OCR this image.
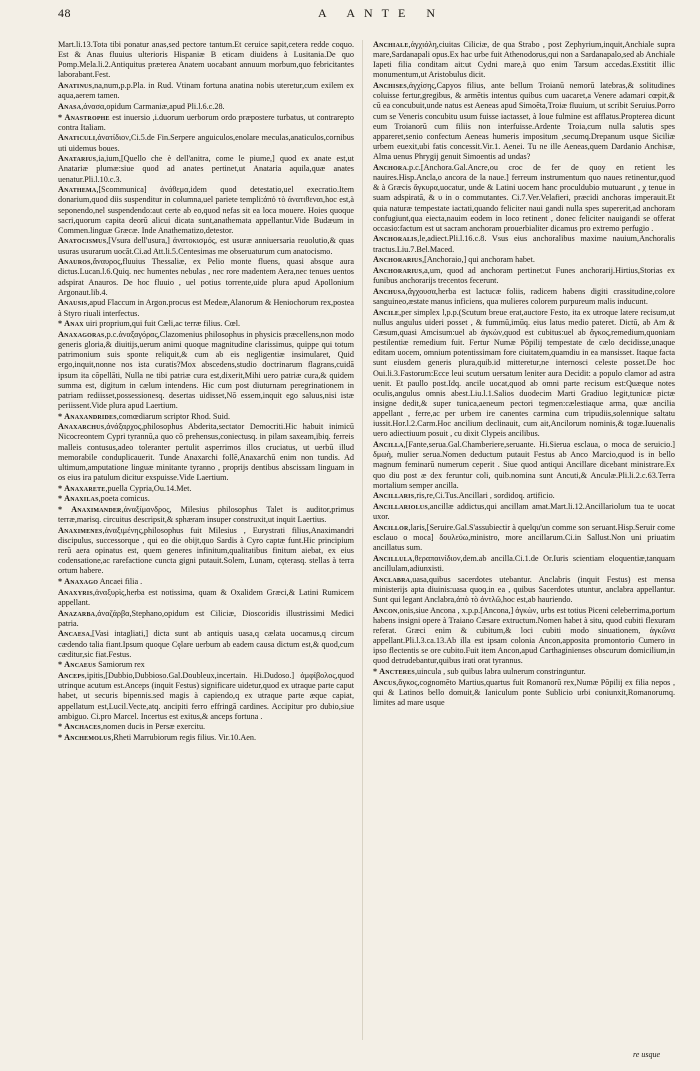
48	A ANTE N
Mart.li.13.Tota tibi ponatur anas,sed pectore tantum.Et ceruice sapit,cetera redde coquo. Est & Anas fluuius ulterioris Hispaniæ B eticam diuidens à Lusitania.De quo Pomp.Mela.li.2.Antiquitus præterea Anatem uocabant annuum morbum,quo febricitantes laborabant.Fest.
Anatinus,na,num,p.p.Pla. in Rud. Vtinam fortuna anatina nobis uteretur,cum exilem ex aqua,aerem tamen.
Anasa,ἀνασα,opidum Carmaniæ,apud Pli.l.6.c.28.
* Anastrophe est inuersio ,i.duorum uerborum ordo præpostere turbatus, ut contrarepto contra Italiam.
Anaticuli,ἀνατίδιον,Ci.5.de Fin.Serpere anguiculos,enolare meculas,anaticulos,cornibus uti uidemus boues.
Anatarius,ia,ium,[Quello che è dell'anitra, come le piume,] quod ex anate est,ut Anatariæ plumæ:siue quod ad anates pertinet,ut Anataria aquila,quæ anates uenatur.Pli.l.10.c.3.
Anathema,[Scommunica] ἀνάθεμα,idem quod detestatio,uel execratio.Item donarium,quod diis suspenditur in columna,uel pariete templi:ἀπό τὸ ἀνατιθεναι,hoc est,à seponendo,nel suspendendo:aut certe ab eo,quod nefas sit ea loca mouere. Hoies quoque sacri,quorum capita deorū alicui dicata sunt,anathemata appellantur.Vide Budæum in Commen.linguæ Græcæ. Inde Anathematizo,detestor.
Anatocismus,[Vsura dell'usura,] ἀνατοκισμός, est usuræ anniuersaria reuolutio,& quas usuras usurarum uocāt.Ci.ad Att.li.5.Centesimas me obseruaturum cum anatocismo.
Anauros,ἄναυρος,fluuius Thessaliæ, ex Pelio monte fluens, quasi absque aura dictus.Lucan.l.6.Quiq. nec humentes nebulas , nec rore madentem Aera,nec tenues uentos adspirat Anauros. De hoc fluuio , uel potius torrente,uide plura apud Apollonium Argonaut.lib.4.
Anausis,apud Flaccum in Argon.procus est Medeæ,Alanorum & Heniochorum rex,postea à Styro riuali interfectus.
* Anax uiri proprium,qui fuit Cæli,ac terræ filius. Cœl.
Anaxagoras,p.c.ἀναξαγόρας,Clazomenius philosophus in physicis præcellens,non modo generis gloria,& diuitijs,uerum animi quoque magnitudine clarissimus, quippe qui totum patrimonium suis sponte reliquit,& cum ab eis negligentiæ insimularet, Quid ergo,inquit,nonne nos ista curatis?Mox abscedens,studio doctrinarum flagrans,cuidā ipsum ita cōpellāti, Nulla ne tibi patriæ cura est,dixerit,Mihi uero patriæ cura,& quidem summa est, digitum in cælum intendens. Hic cum post diuturnam peregrinationem in patriam rediisset,possessionesq. desertas uidisset,Nō essem,inquit ego saluus,nisi istæ periissent.Vide plura apud Laertium.
* Anaxandrides,comœdiarum scriptor Rhod. Suid.
Anaxarchus,ἀνάξαρχος,philosophus Abderita,sectator Democriti.Hic habuit inimicū Nicocreontem Cypri tyrannū,a quo cō prehensus,coniectusq. in pilam saxeam,ibiq. ferreis malleis contusus,adeo toleranter pertulit asperrimos illos cruciatus, ut uerbū illud memorabile conduplicauerit. Tunde Anaxarchi follē,Anaxarchū enim non tundis. Ad ultimum,amputatione linguæ minitante tyranno , proprijs dentibus abscissam linguam in os eius ira patulum dicitur exspuisse.Vide Laertium.
* Anaxarete,puella Cypria,Ou.14.Met.
* Anaxilas,poeta comicus.
* Anaximander,ἀναξίμανδρος, Milesius philosophus Talet is auditor,primus terræ,marisq. circuitus descripsit,& sphæram insuper construxit,ut inquit Laertius.
Anaximenes,ἀναξιμένης,philosophus fuit Milesius , Eurystrati filius,Anaximandri discipulus, successorque , qui eo die obijt,quo Sardis à Cyro captæ funt.Hic principium rerū aera opinatus est, quem generes infinitum,qualitatibus finitum aiebat, ex eius codensatione,ac rarefactione cuncta gigni putauit.Solem, Lunam, cęterasq. stellas à terra ortum habere.
* Anaxago Ancaei filia .
Anaxyris,ἀναξυρὶς,herba est notissima, quam & Oxalidem Græci,& Latini Rumicem appellant.
Anazarba,ἀναζάρβα,Stephano,opidum est Ciliciæ, Dioscoridis illustrissimi Medici patria.
Ancaesa,[Vasi intagliati,] dicta sunt ab antiquis uasa,q cælata uocamus,q circum cædendo talia fiant.Ipsum quoque Cęlare uerbum ab eadem causa dictum est,& quod,cum cæditur,sic fiat.Festus.
* Ancaeus Samiorum rex
Anceps,ipitis,[Dubbio,Dubbioso.Gal.Doubleux,incertain. Hi.Dudoso.] ἀμφίβολος,quod utrinque acutum est.Anceps (inquit Festus) significare uidetur,quod ex utraque parte caput habet, ut securis bipennis.sed magis à capiendo,q ex utraque parte æque capiat, appellatum est,Lucil.Vecte,atq. ancipiti ferro effringā cardines. Accipitur pro dubio,siue ambiguo. Ci.pro Marcel. Incertus est exitus,& anceps fortuna .
* Anchaces,nomen ducis in Persæ exercitu.
* Anchemolus,Rheti Marrubiorum regis filius. Vir.10.Aen.
Anchiale,ἀγχιάλη,ciuitas Ciliciæ, de qua Strabo , post Zephyrium,inquit,Anchiale supra mare,Sardanapali opus.Ex hac urbe fuit Athenodorus,qui non a Sardanapalo,sed ab Anchiale Iapeti filia conditam ait:ut Cydni mare,à quo enim Tarsum accedas.Exstitit illic monumentum,ut Aristobulus dicit.
Anchises,ἀγχίσης,Capyos filius, ante bellum Troianū nemorū latebras,& solitudines coluisse fertur,gregibus, & armētis intentus quibus cum uacaret,a Venere adamari cœpit,& cū ea concubuit,unde natus est Aeneas apud Simoēta,Troiæ fluuium, ut scribit Seruius.Porro cum se Veneris concubitu usum fuisse iactasset, à Ioue fulmine est afflatus.Propterea dicunt eum Troianorū cum filiis non interfuisse.Ardente Troia,cum nulla salutis spes appareret,senio confectum Aeneas humeris impositum ,secumq.Drepanum usque Siciliæ urbem euexit,ubi fatis concessit.Vir.1. Aenei. Tu ne ille Aeneas,quem Dardanio Anchisæ, Alma uenus Phrygij genuit Simoentis ad undas?
Anchora.p.c.[Anchora.Gal.Ancre,ou croc de fer de quoy en retient les nauires.Hisp.Ancla,o ancora de la naue.] ferreum instrumentum quo naues retinentur,quod & à Græcis ἄγκυρα,uocatur, unde & Latini uocem hanc proculdubio mutuarunt , χ tenue in suam adspiratā, & υ in o commutantes. Ci.7.Ver.Velafieri, præcidi anchoras imperauit.Et quia naturæ tempestate iactati,quando feliciter naui gandi nulla spes supererit,ad anchoram confugiunt,qua eiecta,nauim eodem in loco retinent , donec feliciter nauigandi se offerat occasio:factum est ut sacram anchoram prouerbialiter dicamus pro extremo perfugio .
Anchoralis,le,adiect.Pli.l.16.c.8. Vsus eius anchoralibus maxime nauium,Anchoralis tractus.Liu.7.Bel.Maced.
Anchorarius,[Anchoraio,] qui anchoram habet.
Anchorarius,a,um, quod ad anchoram pertinet:ut Funes anchorarij.Hirtius,Storias ex funibus anchorarijs trecentos fecerunt.
Anchusa,ἄγχουσα,herba est lactucæ foliis, radicem habens digiti crassitudine,colore sanguineo,æstate manus inficiens, qua mulieres colorem purpureum malis inducunt.
Ancile,per simplex l,p.p.(Scutum breue erat,auctore Festo, ita ex utroque latere recisum,ut nullus angulus uideri posset , & fummū,imūq. eius latus medio pateret. Dictū, ab Am & Cæsum,quasi Amcisum:uel ab ἀγκὼν,quod est cubitus:uel ab ἄγκος,remedium,quoniam pestilentiæ remedium fuit. Fertur Numæ Pōpilij tempestate de cælo decidisse,unaque editam uocem, omnium potentissimam fore ciuitatem,quamdiu in ea mansisset. Itaque facta sunt eiusdem generis plura,quib.id mitteretur,ne internosci celeste posset.De hoc Oui.li.3.Fastorum:Ecce leui scutum uersatum leniter aura Decidit: a populo clamor ad astra uenit. Et paullo post.Idq. ancile uocat,quod ab omni parte recisum est:Quæque notes oculis,angulus omnis abest.Liu.l.1.Salios duodecim Marti Gradiuo legit,tunicæ pictæ insigne dedit,& super tunica,aeneum pectori tegmen:cælestiaque arma, quæ ancilia appellant , ferre,ac per urbem ire canentes carmina cum tripudiis,solennique saltatu iussit.Hor.l.2.Carm.Hoc ancilium declinauit, cum ait,Ancilorum nominis,& togæ.Iuuenalis uero adiectiuum posuit , cu dixit Clypeis ancilibus.
Ancilla,[Fante,serua.Gal.Chamberiere,seruante. Hi.Sierua esclaua, o moca de seruicio.] δμωὴ, mulier serua.Nomen deductum putauit Festus ab Anco Marcio,quod is in bello magnum feminarū numerum ceperit . Siue quod antiqui Ancillare dicebant ministrare.Ex quo diu post æ dex feruntur coli, quib.nomina sunt Ancuti,& Anculæ.Pli.li.2.c.63.Terra mortalium semper ancilla.
Ancillaris,ris,re,Ci.Tus.Ancillari , sordidoq. artificio.
Ancillariolus,ancillæ addictus,qui ancillam amat.Mart.li.12.Ancillariolum tua te uocat uxor.
Ancillor,laris,[Seruire.Gal.S'assubiectir à quelqu'un comme son seruant.Hisp.Seruir come esclauo o moca] δουλεύω,ministro, more ancillarum.Ci.in Sallust.Non uni priuatim ancillatus sum.
Ancillula,θεραπαινίδιον,dem.ab ancilla.Ci.1.de Or.Iuris scientiam eloquentiæ,tanquam ancillulam,adiunxisti.
Anclabra,uasa,quibus sacerdotes utebantur. Anclabris (inquit Festus) est mensa ministerijs apta diuinis:uasa quoq.in ea , quibus Sacerdotes utuntur, anclabra appellantur. Sunt qui legant Anclabra,ἀπὸ τὸ ἀντλῶ,hoc est,ab hauriendo.
Ancon,onis,siue Ancona , x.p.p.[Ancona,] ἀγκὼν, urbs est totius Piceni celeberrima,portum habens insigni opere à Traiano Cæsare extructum.Nomen habet à situ, quod cubiti flexuram referat. Græci enim & cubitum,& loci cubiti modo sinuationem, ἀγκῶνα appellant.Pli.l.3.ca.13.Ab illa est ipsam colonia Ancon,apposita promontorio Cumero in ipso flectentis se ore cubito.Fuit item Ancon,apud Carthaginienses obscurum domicilium,in quod detrudebantur,quibus irati orat tyrannus.
* Ancteres,uincula , sub quibus labra uulnerum constringuntur.
Ancus,ἄγκος,cognomēto Martius,quartus fuit Romanorū rex,Numæ Pōpilij ex filia nepos , qui & Latinos bello domuit,& Ianiculum ponte Sublicio urbi coniunxit,Romanorumq. limites ad mare usque
re usque
